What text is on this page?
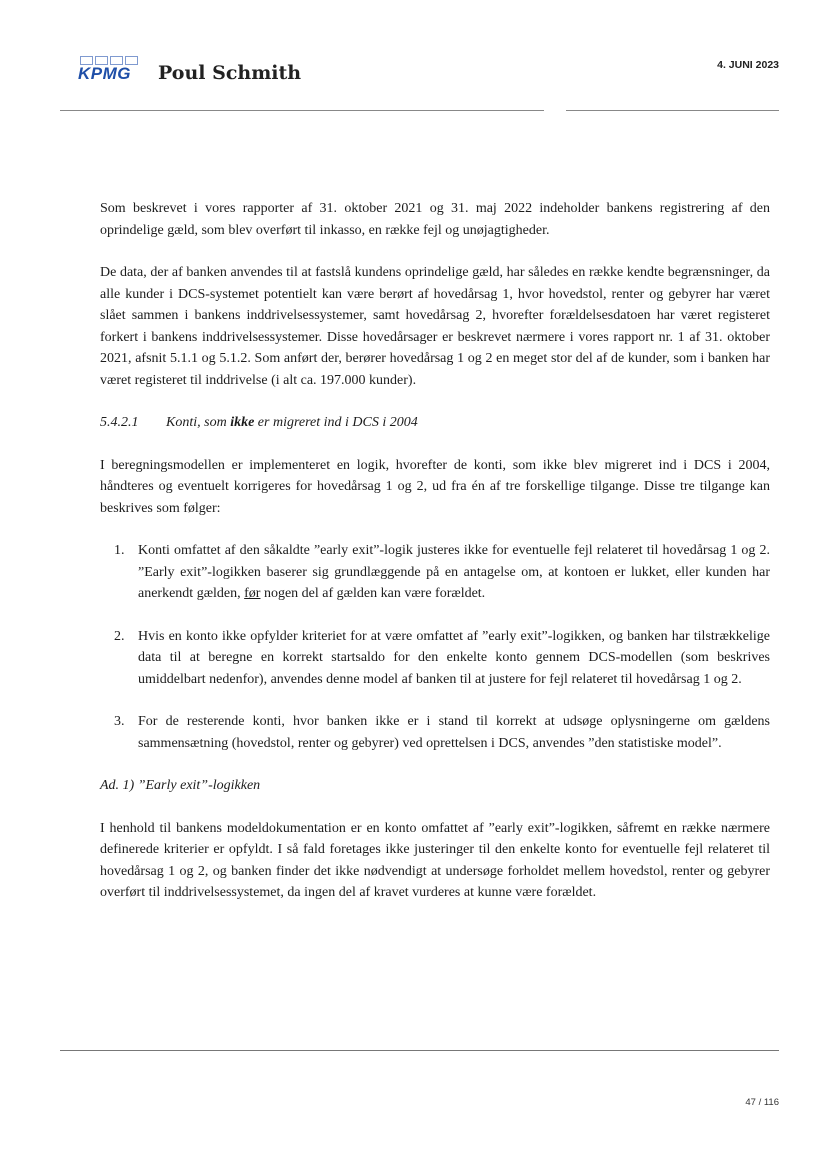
KPMG Poul Schmith	4. JUNI 2023

Som beskrevet i vores rapporter af 31. oktober 2021 og 31. maj 2022 indeholder bankens registrering af den oprindelige gæld, som blev overført til inkasso, en række fejl og unøjagtigheder.

De data, der af banken anvendes til at fastslå kundens oprindelige gæld, har således en række kendte begrænsninger, da alle kunder i DCS-systemet potentielt kan være berørt af hovedårsag 1, hvor hovedstol, renter og gebyrer har været slået sammen i bankens inddrivelsessystemer, samt hovedårsag 2, hvorefter forældelsesdatoen har været registeret forkert i bankens inddrivelsessystemer. Disse hovedårsager er beskrevet nærmere i vores rapport nr. 1 af 31. oktober 2021, afsnit 5.1.1 og 5.1.2. Som anført der, berører hovedårsag 1 og 2 en meget stor del af de kunder, som i banken har været registeret til inddrivelse (i alt ca. 197.000 kunder).

5.4.2.1 Konti, som ikke er migreret ind i DCS i 2004

I beregningsmodellen er implementeret en logik, hvorefter de konti, som ikke blev migreret ind i DCS i 2004, håndteres og eventuelt korrigeres for hovedårsag 1 og 2, ud fra én af tre forskellige tilgange. Disse tre tilgange kan beskrives som følger:

1. Konti omfattet af den såkaldte ”early exit”-logik justeres ikke for eventuelle fejl relateret til hovedårsag 1 og 2. ”Early exit”-logikken baserer sig grundlæggende på en antagelse om, at kontoen er lukket, eller kunden har anerkendt gælden, før nogen del af gælden kan være forældet.
2. Hvis en konto ikke opfylder kriteriet for at være omfattet af ”early exit”-logikken, og banken har tilstrækkelige data til at beregne en korrekt startsaldo for den enkelte konto gennem DCS-modellen (som beskrives umiddelbart nedenfor), anvendes denne model af banken til at justere for fejl relateret til hovedårsag 1 og 2.
3. For de resterende konti, hvor banken ikke er i stand til korrekt at udsøge oplysningerne om gældens sammensætning (hovedstol, renter og gebyrer) ved oprettelsen i DCS, anvendes ”den statistiske model”.
Ad. 1) ”Early exit”-logikken

I henhold til bankens modeldokumentation er en konto omfattet af ”early exit”-logikken, såfremt en række nærmere definerede kriterier er opfyldt. I så fald foretages ikke justeringer til den enkelte konto for eventuelle fejl relateret til hovedårsag 1 og 2, og banken finder det ikke nødvendigt at undersøge forholdet mellem hovedstol, renter og gebyrer overført til inddrivelsessystemet, da ingen del af kravet vurderes at kunne være forældet.

47 / 116
